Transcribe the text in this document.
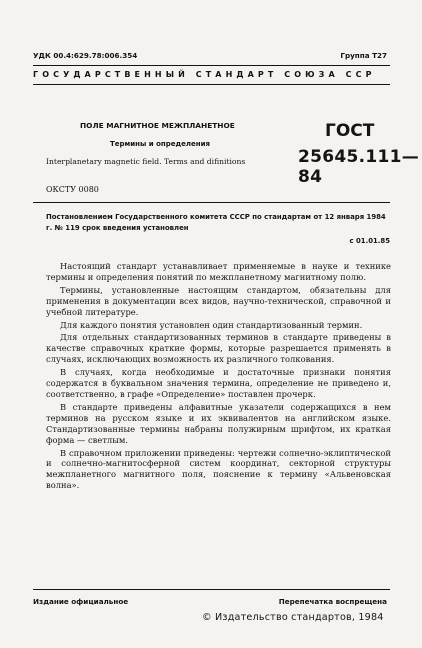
УДК 00.4:629.78:006.354	Группа Т27
ГОСУДАРСТВЕННЫЙ СТАНДАРТ СОЮЗА ССР
ПОЛЕ МАГНИТНОЕ МЕЖПЛАНЕТНОЕ
Термины и определения
Interplanetary magnetic field. Terms and difinitions
ГОСТ
25645.111—84
ОКСТУ 0080
Постановлением Государственного комитета СССР по стандартам от 12 января 1984 г. № 119 срок введения установлен
с 01.01.85

Настоящий стандарт устанавливает применяемые в науке и технике термины и определения понятий по межпланетному магнитному полю.

Термины, установленные настоящим стандартом, обязательны для применения в документации всех видов, научно-технической, справочной и учебной литературе.

Для каждого понятия установлен один стандартизованный термин.

Для отдельных стандартизованных терминов в стандарте приведены в качестве справочных краткие формы, которые разрешается применять в случаях, исключающих возможность их различного толкования.

В случаях, когда необходимые и достаточные признаки понятия содержатся в буквальном значения термина, определение не приведено и, соответственно, в графе «Определение» поставлен прочерк.

В стандарте приведены алфавитные указатели содержащихся в нем терминов на русском языке и их эквивалентов на английском языке. Стандартизованные термины набраны полужирным шрифтом, их краткая форма — светлым.

В справочном приложении приведены: чертежи солнечно-эклиптической и солнечно-магнитосферной систем координат, секторной структуры межпланетного магнитного поля, пояснение к термину «Альвеновская волна».

Издание официальное	Перепечатка воспрещена
© Издательство стандартов, 1984
